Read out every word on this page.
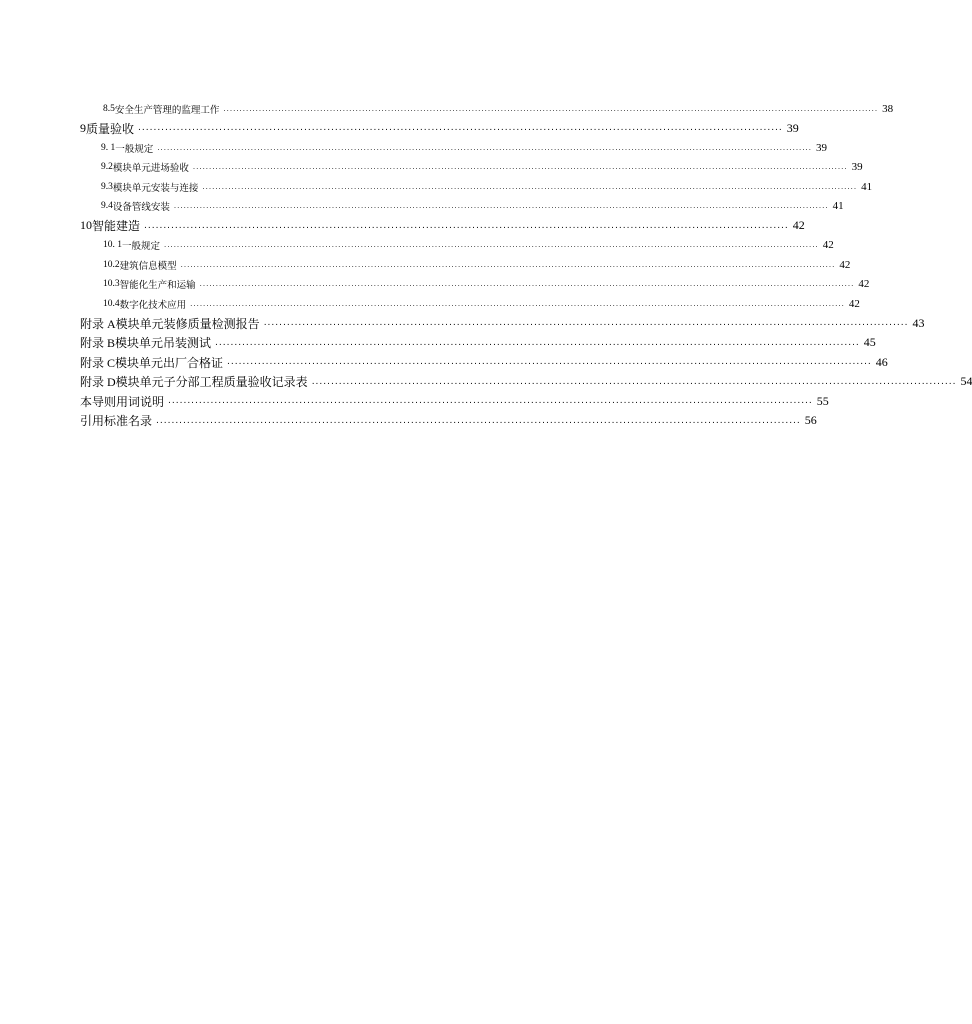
8.5 安全生产管理的监理工作 ........................................................................................................................................................................................................... 38
9 质量验收 ....................................................................................................................................................................... 39
9. 1 一般规定 ........................................................................................................................................................................................................... 39
9.2 模块单元进场验收 ........................................................................................................................................................................................................... 39
9.3 模块单元安装与连接 ........................................................................................................................................................................................................... 41
9.4 设备管线安装 ........................................................................................................................................................................................................... 41
10 智能建造 ....................................................................................................................................................................... 42
10. 1 一般规定 ........................................................................................................................................................................................................... 42
10.2 建筑信息模型 ........................................................................................................................................................................................................... 42
10.3 智能化生产和运输 ........................................................................................................................................................................................................... 42
10.4 数字化技术应用 ........................................................................................................................................................................................................... 42
附录 A 模块单元装修质量检测报告 ....................................................................................................................................................................... 43
附录 B 模块单元吊装测试 ....................................................................................................................................................................... 45
附录 C 模块单元出厂合格证 ....................................................................................................................................................................... 46
附录 D 模块单元子分部工程质量验收记录表 ....................................................................................................................................................................... 54
本导则用词说明 ....................................................................................................................................................................... 55
引用标准名录 ....................................................................................................................................................................... 56
